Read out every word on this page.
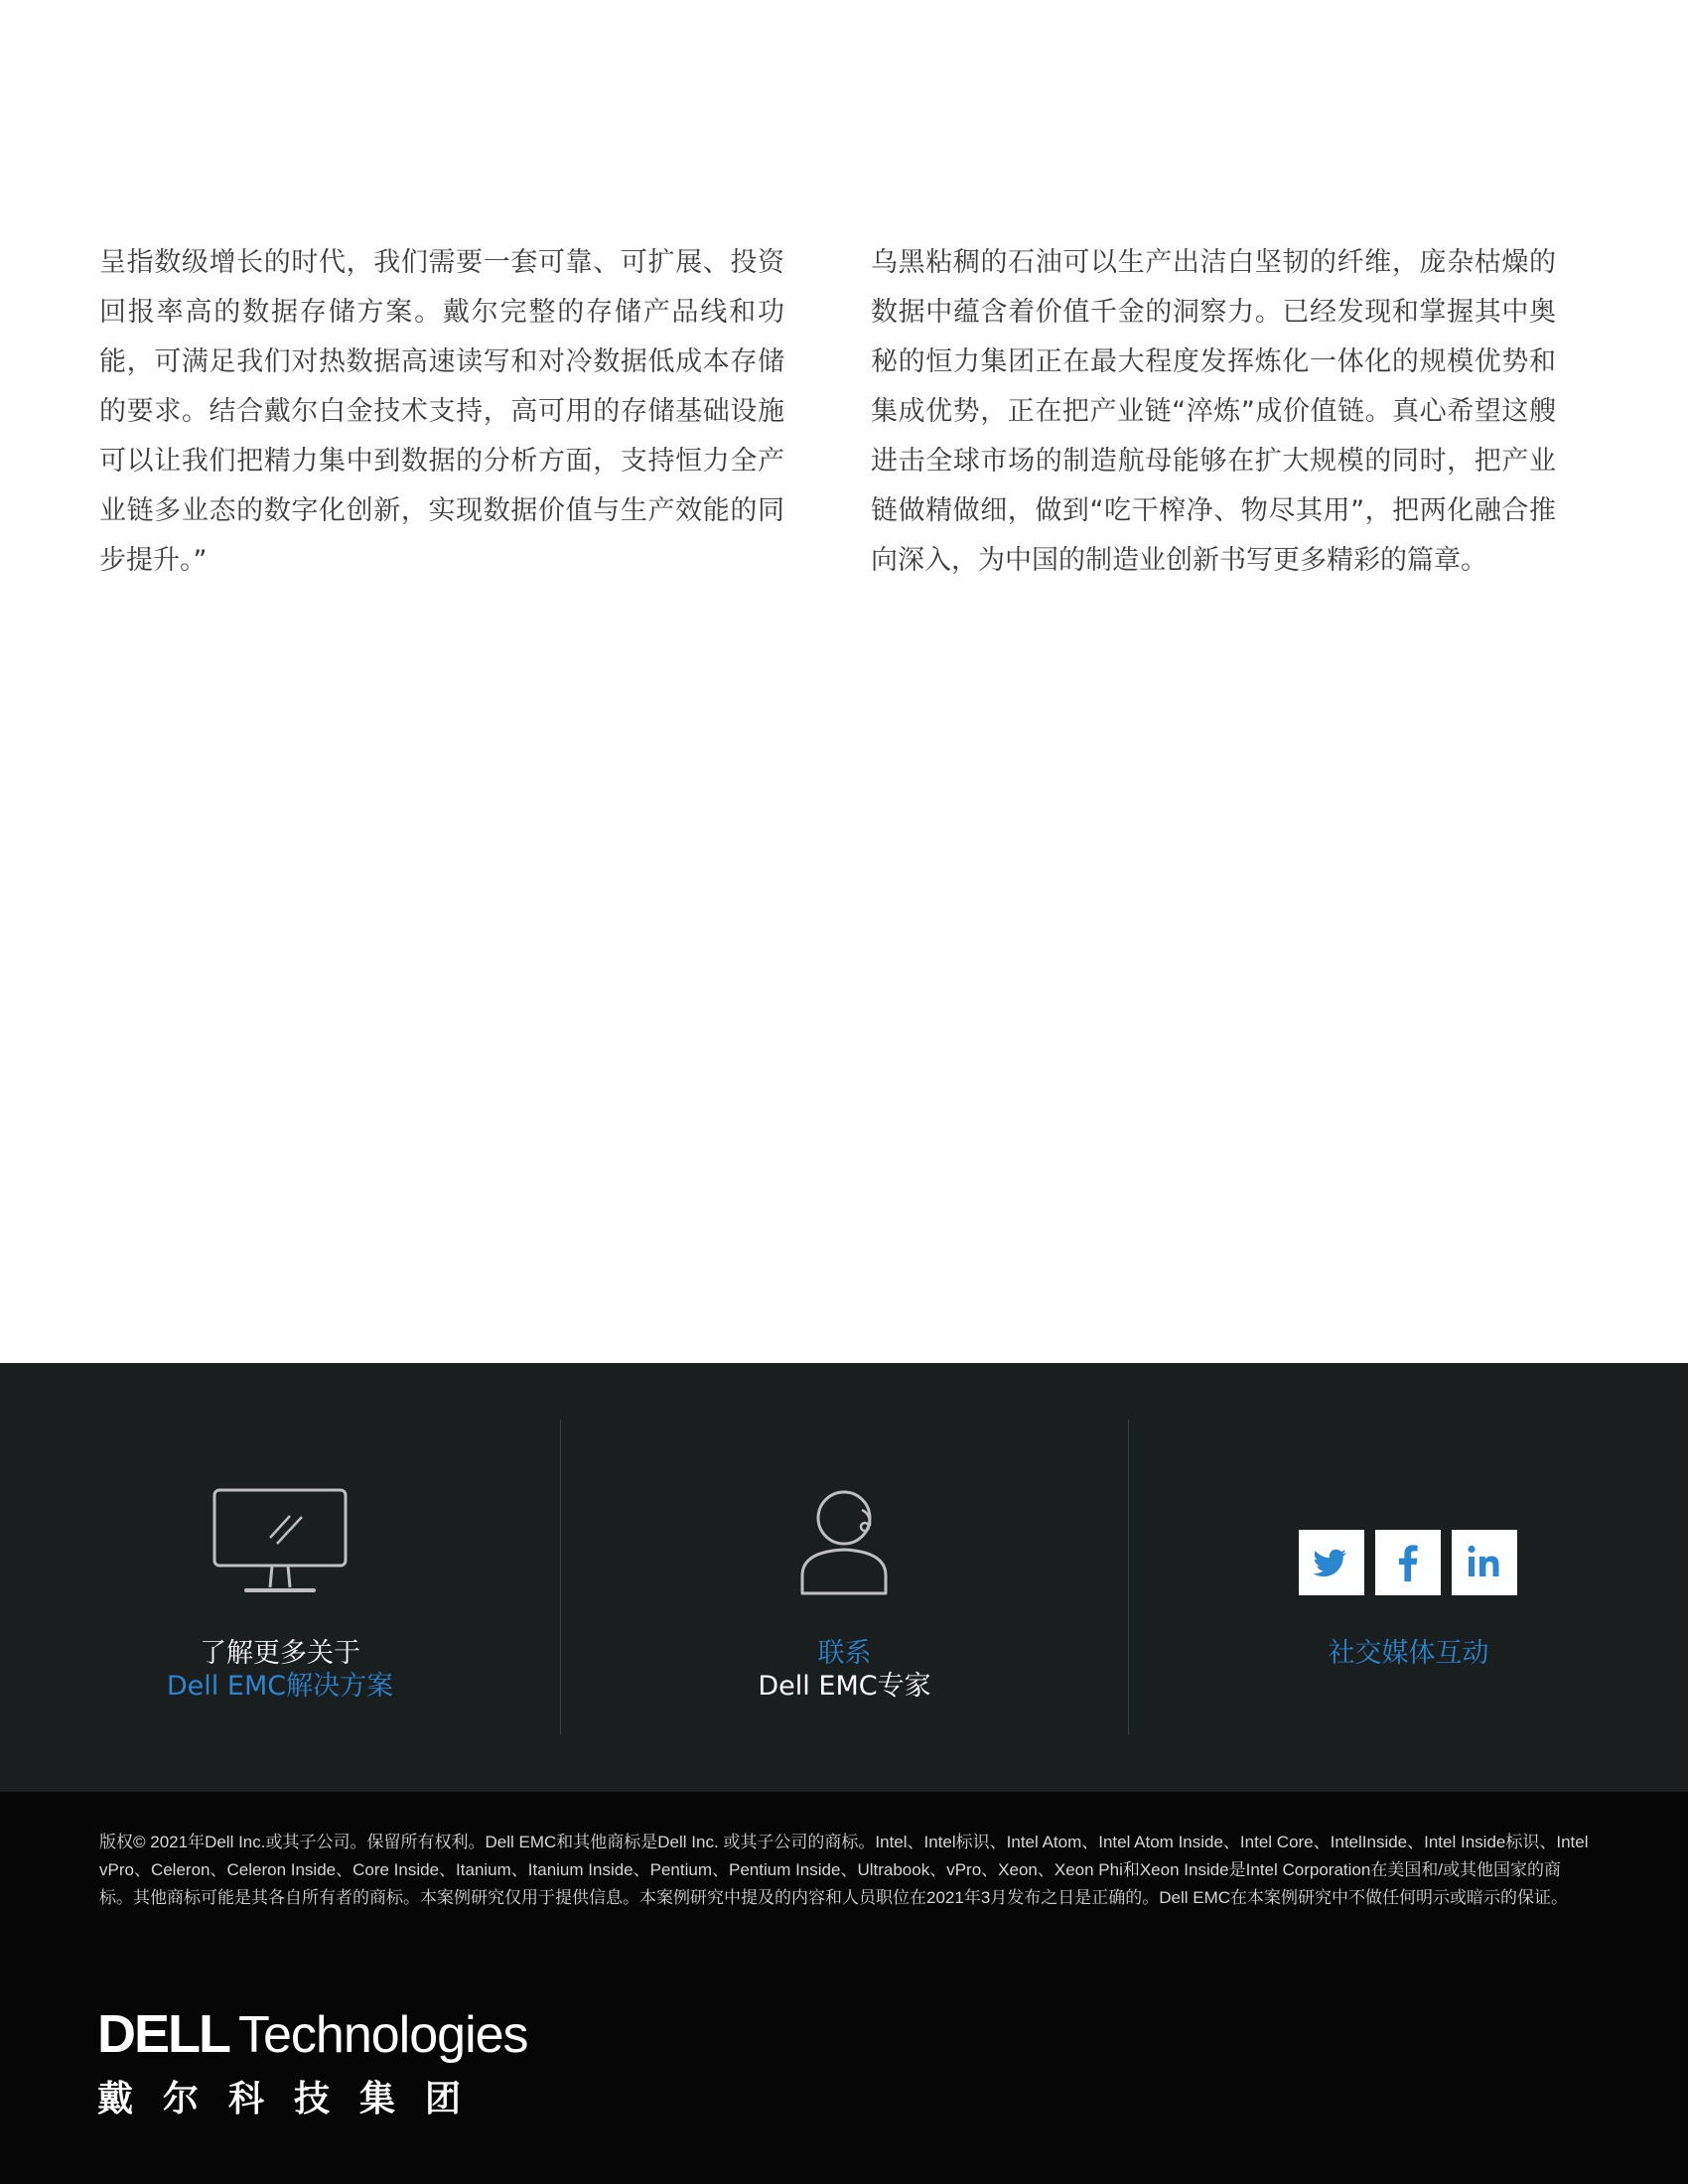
呈指数级增长的时代，我们需要一套可靠、可扩展、投资回报率高的数据存储方案。戴尔完整的存储产品线和功能，可满足我们对热数据高速读写和对冷数据低成本存储的要求。结合戴尔白金技术支持，高可用的存储基础设施可以让我们把精力集中到数据的分析方面，支持恒力全产业链多业态的数字化创新，实现数据价值与生产效能的同步提升。”
乌黑粘稠的石油可以生产出洁白坚韧的纤维，庞杂枯燥的数据中蕴含着价值千金的洞察力。已经发现和掌握其中奥秘的恒力集团正在最大程度发挥炼化一体化的规模优势和集成优势，正在把产业链“淬炼”成价值链。真心希望这艘进击全球市场的制造航母能够在扩大规模的同时，把产业链做精做细，做到“吃干榨净、物尽其用”，把两化融合推向深入，为中国的制造业创新书写更多精彩的篇章。
了解更多关于
Dell EMC解决方案
联系
Dell EMC专家
社交媒体互动
版权© 2021年Dell Inc.或其子公司。保留所有权利。Dell EMC和其他商标是Dell Inc. 或其子公司的商标。Intel、Intel标识、Intel Atom、Intel Atom Inside、Intel Core、IntelInside、Intel Inside标识、Intel vPro、Celeron、Celeron Inside、Core Inside、Itanium、Itanium Inside、Pentium、Pentium Inside、Ultrabook、vPro、Xeon、Xeon Phi和Xeon Inside是Intel Corporation在美国和/或其他国家的商标。其他商标可能是其各自所有者的商标。本案例研究仅用于提供信息。本案例研究中提及的内容和人员职位在2021年3月发布之日是正确的。Dell EMC在本案例研究中不做任何明示或暗示的保证。
DELL Technologies
戴尔科技集团
